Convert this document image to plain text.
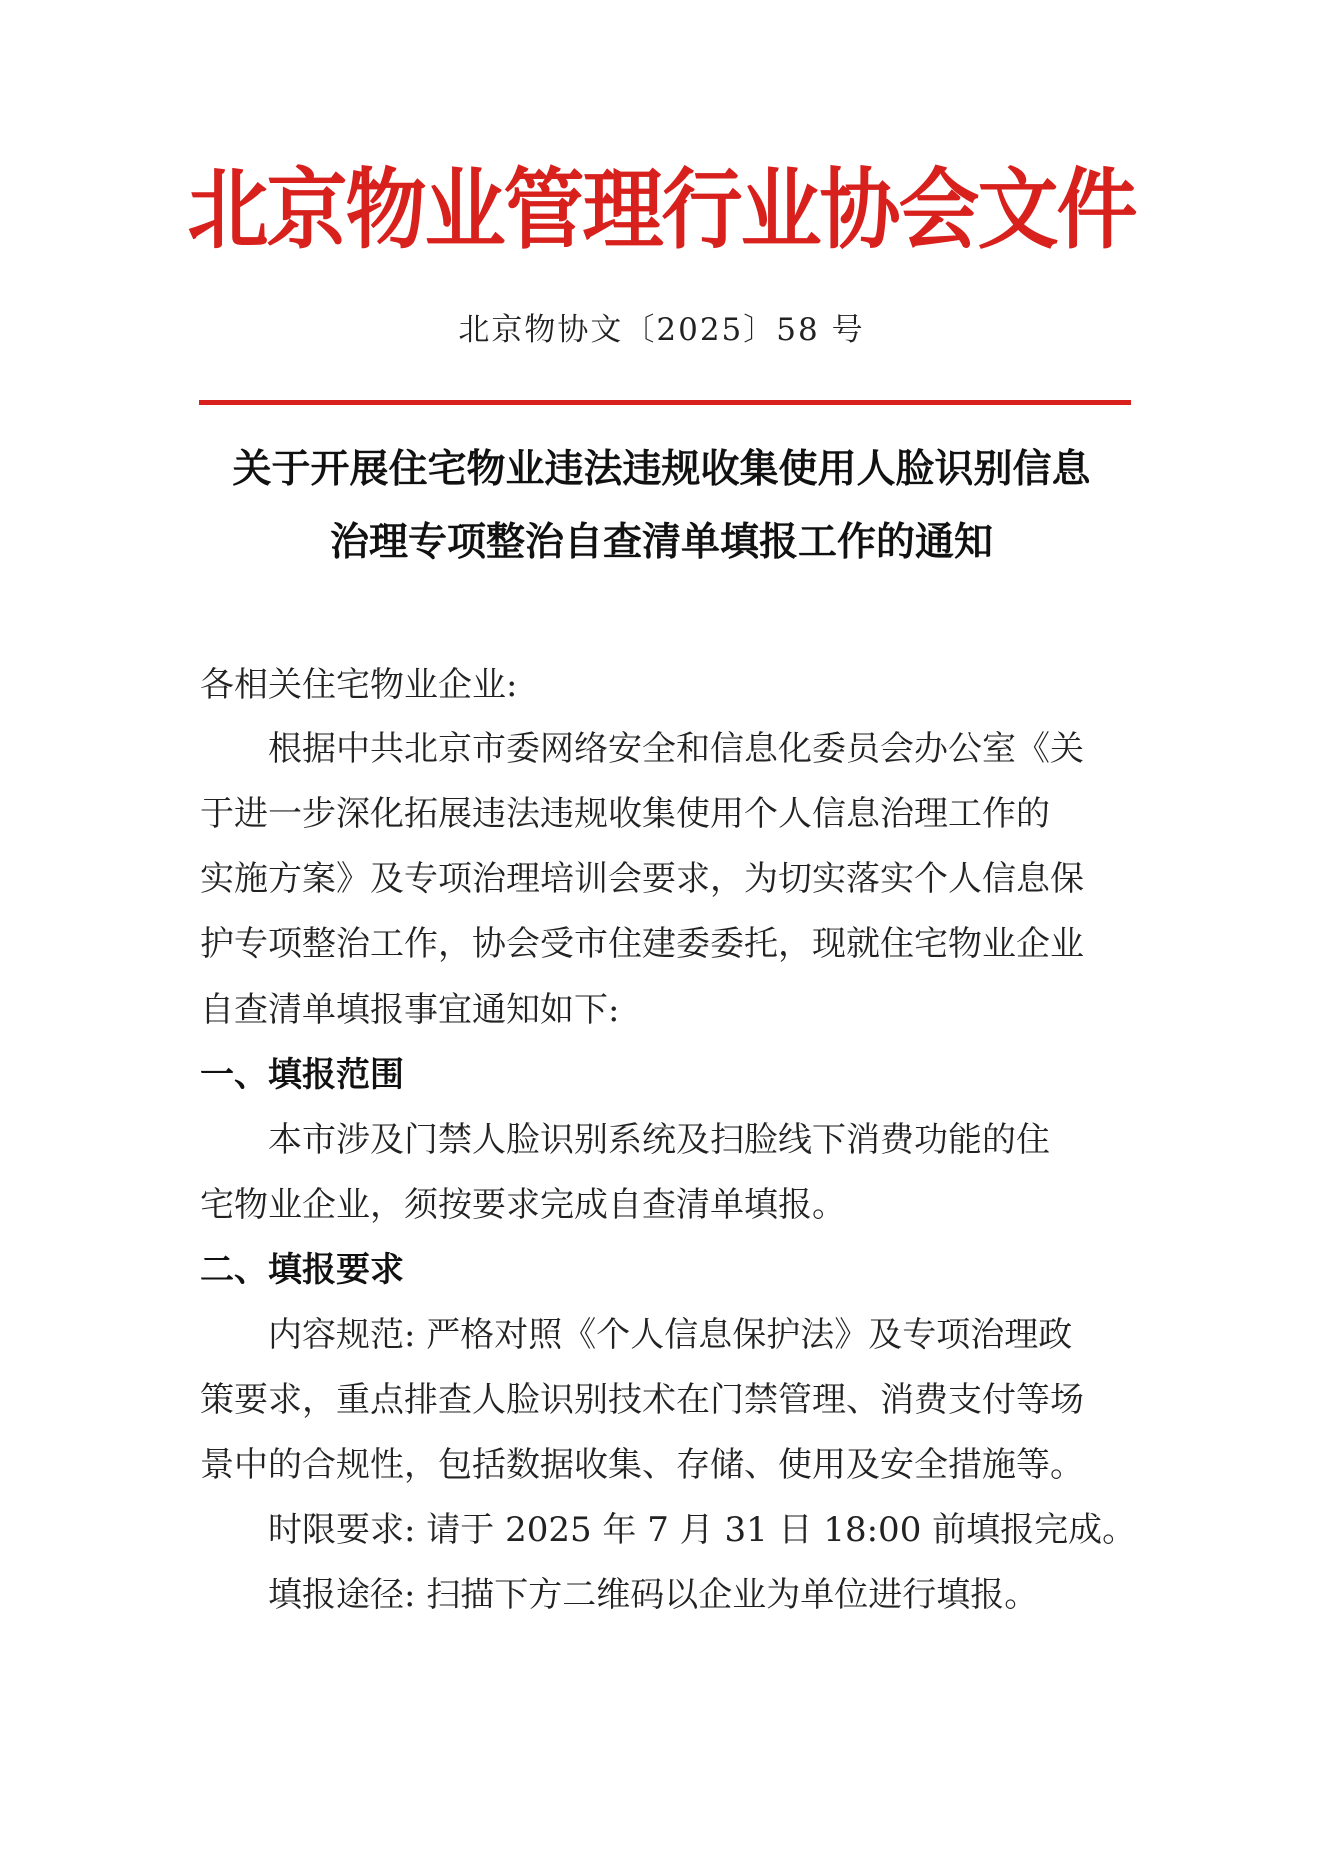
北京物业管理行业协会文件
北京物协文〔2025〕58 号
关于开展住宅物业违法违规收集使用人脸识别信息
治理专项整治自查清单填报工作的通知
各相关住宅物业企业:
根据中共北京市委网络安全和信息化委员会办公室《关
于进一步深化拓展违法违规收集使用个人信息治理工作的
实施方案》及专项治理培训会要求，为切实落实个人信息保
护专项整治工作，协会受市住建委委托，现就住宅物业企业
自查清单填报事宜通知如下:
一、填报范围
本市涉及门禁人脸识别系统及扫脸线下消费功能的住
宅物业企业，须按要求完成自查清单填报。
二、填报要求
内容规范: 严格对照《个人信息保护法》及专项治理政
策要求，重点排查人脸识别技术在门禁管理、消费支付等场
景中的合规性，包括数据收集、存储、使用及安全措施等。
时限要求: 请于 2025 年 7 月 31 日 18:00 前填报完成。
填报途径: 扫描下方二维码以企业为单位进行填报。
